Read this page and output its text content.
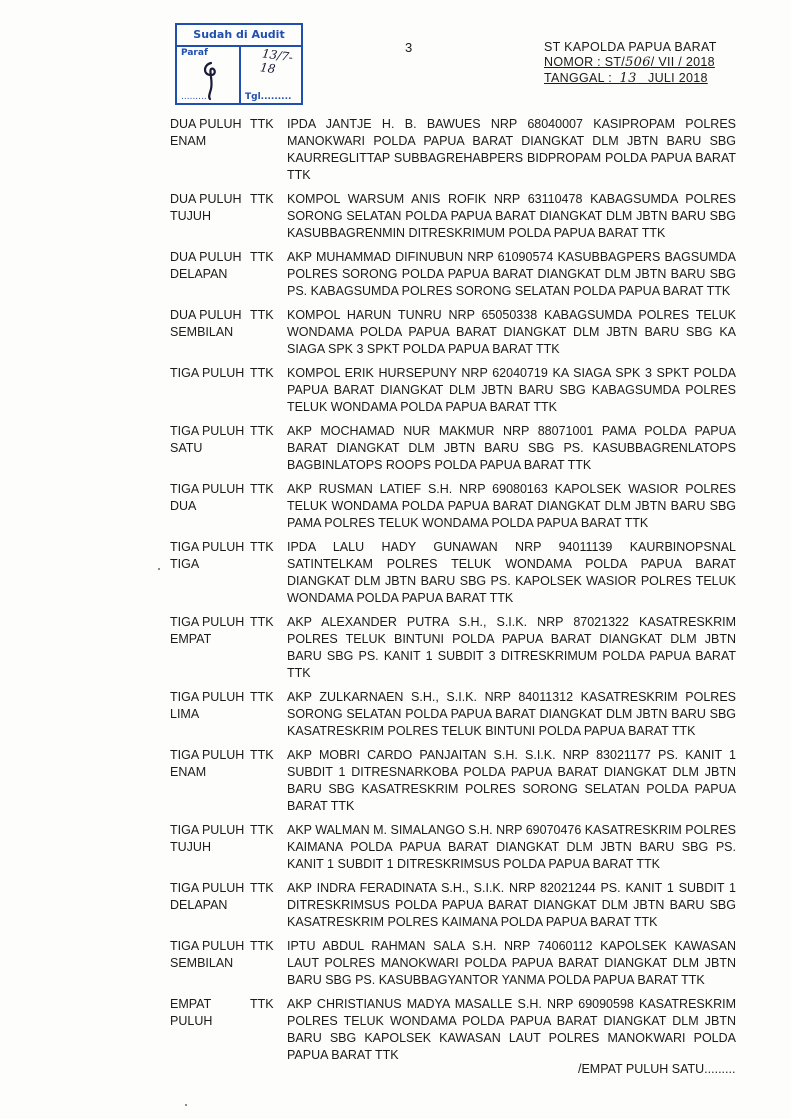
Sudah di Audit
Paraf
.........
13/7-18
Tgl.........
3	ST KAPOLDA PAPUA BARAT
NOMOR : ST/506/ VII / 2018
TANGGAL : 13 JULI 2018
DUA PULUH
ENAM
TTK	IPDA JANTJE H. B. BAWUES NRP 68040007 KASIPROPAM POLRES MANOKWARI POLDA PAPUA BARAT DIANGKAT DLM JBTN BARU SBG KAURREGLITTAP SUBBAGREHABPERS BIDPROPAM POLDA PAPUA BARAT TTK
DUA PULUH
TUJUH
TTK	KOMPOL WARSUM ANIS ROFIK NRP 63110478 KABAGSUMDA POLRES SORONG SELATAN POLDA PAPUA BARAT DIANGKAT DLM JBTN BARU SBG KASUBBAGRENMIN DITRESKRIMUM POLDA PAPUA BARAT TTK
DUA PULUH
DELAPAN
TTK	AKP MUHAMMAD DIFINUBUN NRP 61090574 KASUBBAGPERS BAGSUMDA POLRES SORONG POLDA PAPUA BARAT DIANGKAT DLM JBTN BARU SBG PS. KABAGSUMDA POLRES SORONG SELATAN POLDA PAPUA BARAT TTK
DUA PULUH
SEMBILAN
TTK	KOMPOL HARUN TUNRU NRP 65050338 KABAGSUMDA POLRES TELUK WONDAMA POLDA PAPUA BARAT DIANGKAT DLM JBTN BARU SBG KA SIAGA SPK 3 SPKT POLDA PAPUA BARAT TTK
TIGA PULUH TTK	KOMPOL ERIK HURSEPUNY NRP 62040719 KA SIAGA SPK 3 SPKT POLDA PAPUA BARAT DIANGKAT DLM JBTN BARU SBG KABAGSUMDA POLRES TELUK WONDAMA POLDA PAPUA BARAT TTK
TIGA PULUH
SATU
TTK	AKP MOCHAMAD NUR MAKMUR NRP 88071001 PAMA POLDA PAPUA BARAT DIANGKAT DLM JBTN BARU SBG PS. KASUBBAGRENLATOPS BAGBINLATOPS ROOPS POLDA PAPUA BARAT TTK
TIGA PULUH
DUA
TTK	AKP RUSMAN LATIEF S.H. NRP 69080163 KAPOLSEK WASIOR POLRES TELUK WONDAMA POLDA PAPUA BARAT DIANGKAT DLM JBTN BARU SBG PAMA POLRES TELUK WONDAMA POLDA PAPUA BARAT TTK
TIGA PULUH
TIGA
TTK	IPDA LALU HADY GUNAWAN NRP 94011139 KAURBINOPSNAL SATINTELKAM POLRES TELUK WONDAMA POLDA PAPUA BARAT DIANGKAT DLM JBTN BARU SBG PS. KAPOLSEK WASIOR POLRES TELUK WONDAMA POLDA PAPUA BARAT TTK
TIGA PULUH
EMPAT
TTK	AKP ALEXANDER PUTRA S.H., S.I.K. NRP 87021322 KASATRESKRIM POLRES TELUK BINTUNI POLDA PAPUA BARAT DIANGKAT DLM JBTN BARU SBG PS. KANIT 1 SUBDIT 3 DITRESKRIMUM POLDA PAPUA BARAT TTK
TIGA PULUH
LIMA
TTK	AKP ZULKARNAEN S.H., S.I.K. NRP 84011312 KASATRESKRIM POLRES SORONG SELATAN POLDA PAPUA BARAT DIANGKAT DLM JBTN BARU SBG KASATRESKRIM POLRES TELUK BINTUNI POLDA PAPUA BARAT TTK
TIGA PULUH
ENAM
TTK	AKP MOBRI CARDO PANJAITAN S.H. S.I.K. NRP 83021177 PS. KANIT 1 SUBDIT 1 DITRESNARKOBA POLDA PAPUA BARAT DIANGKAT DLM JBTN BARU SBG KASATRESKRIM POLRES SORONG SELATAN POLDA PAPUA BARAT TTK
TIGA PULUH
TUJUH
TTK	AKP WALMAN M. SIMALANGO S.H. NRP 69070476 KASATRESKRIM POLRES KAIMANA POLDA PAPUA BARAT DIANGKAT DLM JBTN BARU SBG PS. KANIT 1 SUBDIT 1 DITRESKRIMSUS POLDA PAPUA BARAT TTK
TIGA PULUH
DELAPAN
TTK	AKP INDRA FERADINATA S.H., S.I.K. NRP 82021244 PS. KANIT 1 SUBDIT 1 DITRESKRIMSUS POLDA PAPUA BARAT DIANGKAT DLM JBTN BARU SBG KASATRESKRIM POLRES KAIMANA POLDA PAPUA BARAT TTK
TIGA PULUH
SEMBILAN
TTK	IPTU ABDUL RAHMAN SALA S.H. NRP 74060112 KAPOLSEK KAWASAN LAUT POLRES MANOKWARI POLDA PAPUA BARAT DIANGKAT DLM JBTN BARU SBG PS. KASUBBAGYANTOR YANMA POLDA PAPUA BARAT TTK
EMPAT
PULUH
TTK	AKP CHRISTIANUS MADYA MASALLE S.H. NRP 69090598 KASATRESKRIM POLRES TELUK WONDAMA POLDA PAPUA BARAT DIANGKAT DLM JBTN BARU SBG KAPOLSEK KAWASAN LAUT POLRES MANOKWARI POLDA PAPUA BARAT TTK
/EMPAT PULUH SATU.........
